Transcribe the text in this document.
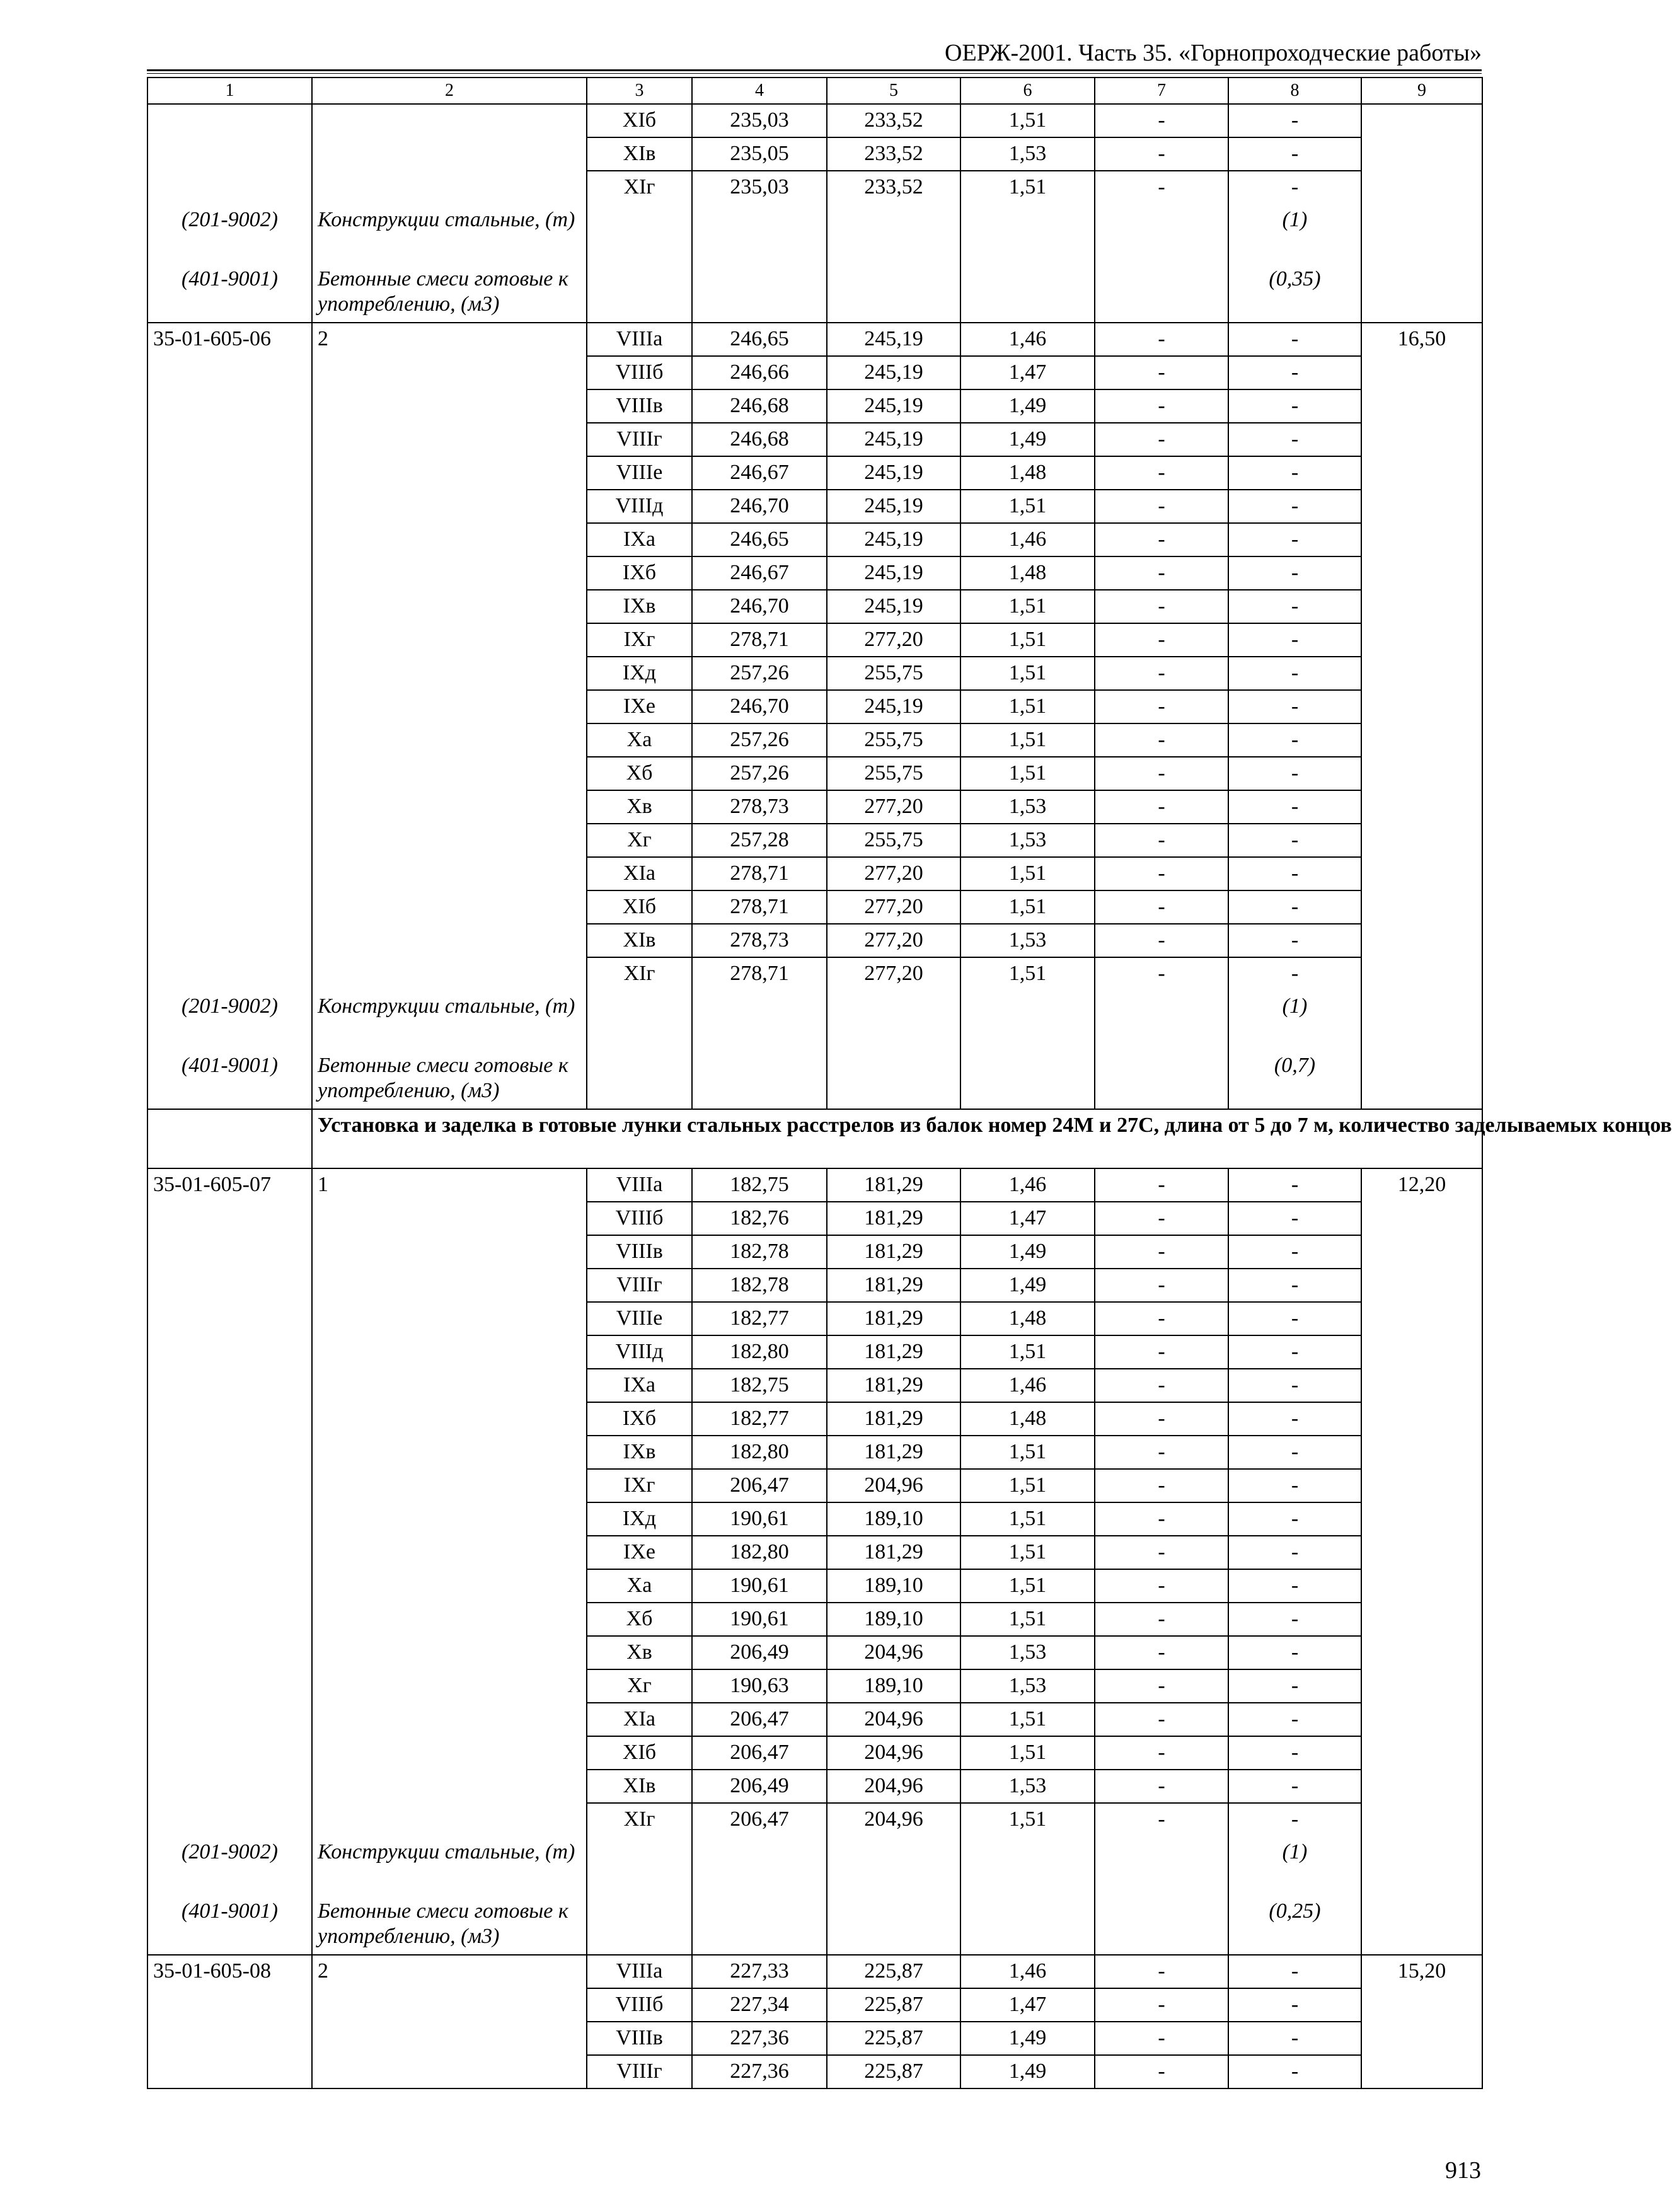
ОЕРЖ-2001. Часть 35. «Горнопроходческие работы»
1	2	3	4	5	6	7	8	9
		XIб	235,03	233,52	1,51	-	-	
		XIв	235,05	233,52	1,53	-	-	
		XIг	235,03	233,52	1,51	-	-	
(201-9002)	Конструкции стальные, (т)						(1)	
(401-9001)	Бетонные смеси готовые к употреблению, (м3)						(0,35)	
35-01-605-06	2	VIIIа	246,65	245,19	1,46	-	-	16,50
		VIIIб	246,66	245,19	1,47	-	-	
		VIIIв	246,68	245,19	1,49	-	-	
		VIIIг	246,68	245,19	1,49	-	-	
		VIIIе	246,67	245,19	1,48	-	-	
		VIIIд	246,70	245,19	1,51	-	-	
		IXа	246,65	245,19	1,46	-	-	
		IXб	246,67	245,19	1,48	-	-	
		IXв	246,70	245,19	1,51	-	-	
		IXг	278,71	277,20	1,51	-	-	
		IXд	257,26	255,75	1,51	-	-	
		IXе	246,70	245,19	1,51	-	-	
		Xа	257,26	255,75	1,51	-	-	
		Xб	257,26	255,75	1,51	-	-	
		Xв	278,73	277,20	1,53	-	-	
		Xг	257,28	255,75	1,53	-	-	
		XIа	278,71	277,20	1,51	-	-	
		XIб	278,71	277,20	1,51	-	-	
		XIв	278,73	277,20	1,53	-	-	
		XIг	278,71	277,20	1,51	-	-	
(201-9002)	Конструкции стальные, (т)						(1)	
(401-9001)	Бетонные смеси готовые к употреблению, (м3)						(0,7)	
	Установка и заделка в готовые лунки стальных расстрелов из балок номер 24М и 27С, длина от 5 до 7 м, количество заделываемых концов							
35-01-605-07	1	VIIIа	182,75	181,29	1,46	-	-	12,20
		VIIIб	182,76	181,29	1,47	-	-	
		VIIIв	182,78	181,29	1,49	-	-	
		VIIIг	182,78	181,29	1,49	-	-	
		VIIIе	182,77	181,29	1,48	-	-	
		VIIIд	182,80	181,29	1,51	-	-	
		IXа	182,75	181,29	1,46	-	-	
		IXб	182,77	181,29	1,48	-	-	
		IXв	182,80	181,29	1,51	-	-	
		IXг	206,47	204,96	1,51	-	-	
		IXд	190,61	189,10	1,51	-	-	
		IXе	182,80	181,29	1,51	-	-	
		Xа	190,61	189,10	1,51	-	-	
		Xб	190,61	189,10	1,51	-	-	
		Xв	206,49	204,96	1,53	-	-	
		Xг	190,63	189,10	1,53	-	-	
		XIа	206,47	204,96	1,51	-	-	
		XIб	206,47	204,96	1,51	-	-	
		XIв	206,49	204,96	1,53	-	-	
		XIг	206,47	204,96	1,51	-	-	
(201-9002)	Конструкции стальные, (т)						(1)	
(401-9001)	Бетонные смеси готовые к употреблению, (м3)						(0,25)	
35-01-605-08	2	VIIIа	227,33	225,87	1,46	-	-	15,20
		VIIIб	227,34	225,87	1,47	-	-	
		VIIIв	227,36	225,87	1,49	-	-	
		VIIIг	227,36	225,87	1,49	-	-	
913
